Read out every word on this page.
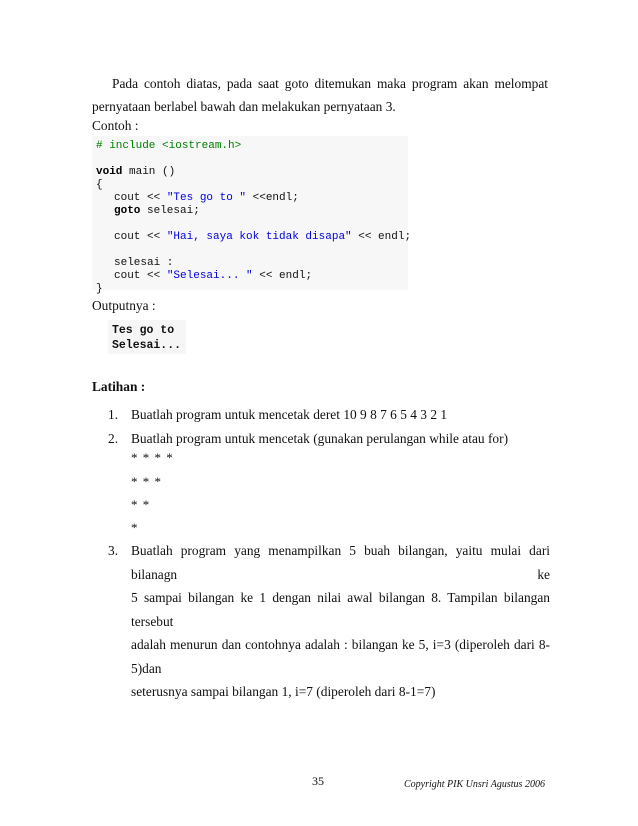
Pada contoh diatas, pada saat goto ditemukan maka program akan melompat
pernyataan berlabel bawah dan melakukan pernyataan 3.
Contoh :
# include <iostream.h>
void main ()
{
cout << "Tes go to " <<endl;
goto selesai;
cout << "Hai, saya kok tidak disapa" << endl;
selesai :
cout << "Selesai... " << endl;
}
Outputnya :
Tes go to
Selesai...
Latihan :
1. Buatlah program untuk mencetak deret 10 9 8 7 6 5 4 3 2 1
2. Buatlah program untuk mencetak (gunakan perulangan while atau for)
* * * *
* * *
* *
*
3. Buatlah program yang menampilkan 5 buah bilangan, yaitu mulai dari bilanagn ke
5 sampai bilangan ke 1 dengan nilai awal bilangan 8. Tampilan bilangan tersebut
adalah menurun dan contohnya adalah : bilangan ke 5, i=3 (diperoleh dari 8-5)dan
seterusnya sampai bilangan 1, i=7 (diperoleh dari 8-1=7)
35	Copyright PIK Unsri Agustus 2006
